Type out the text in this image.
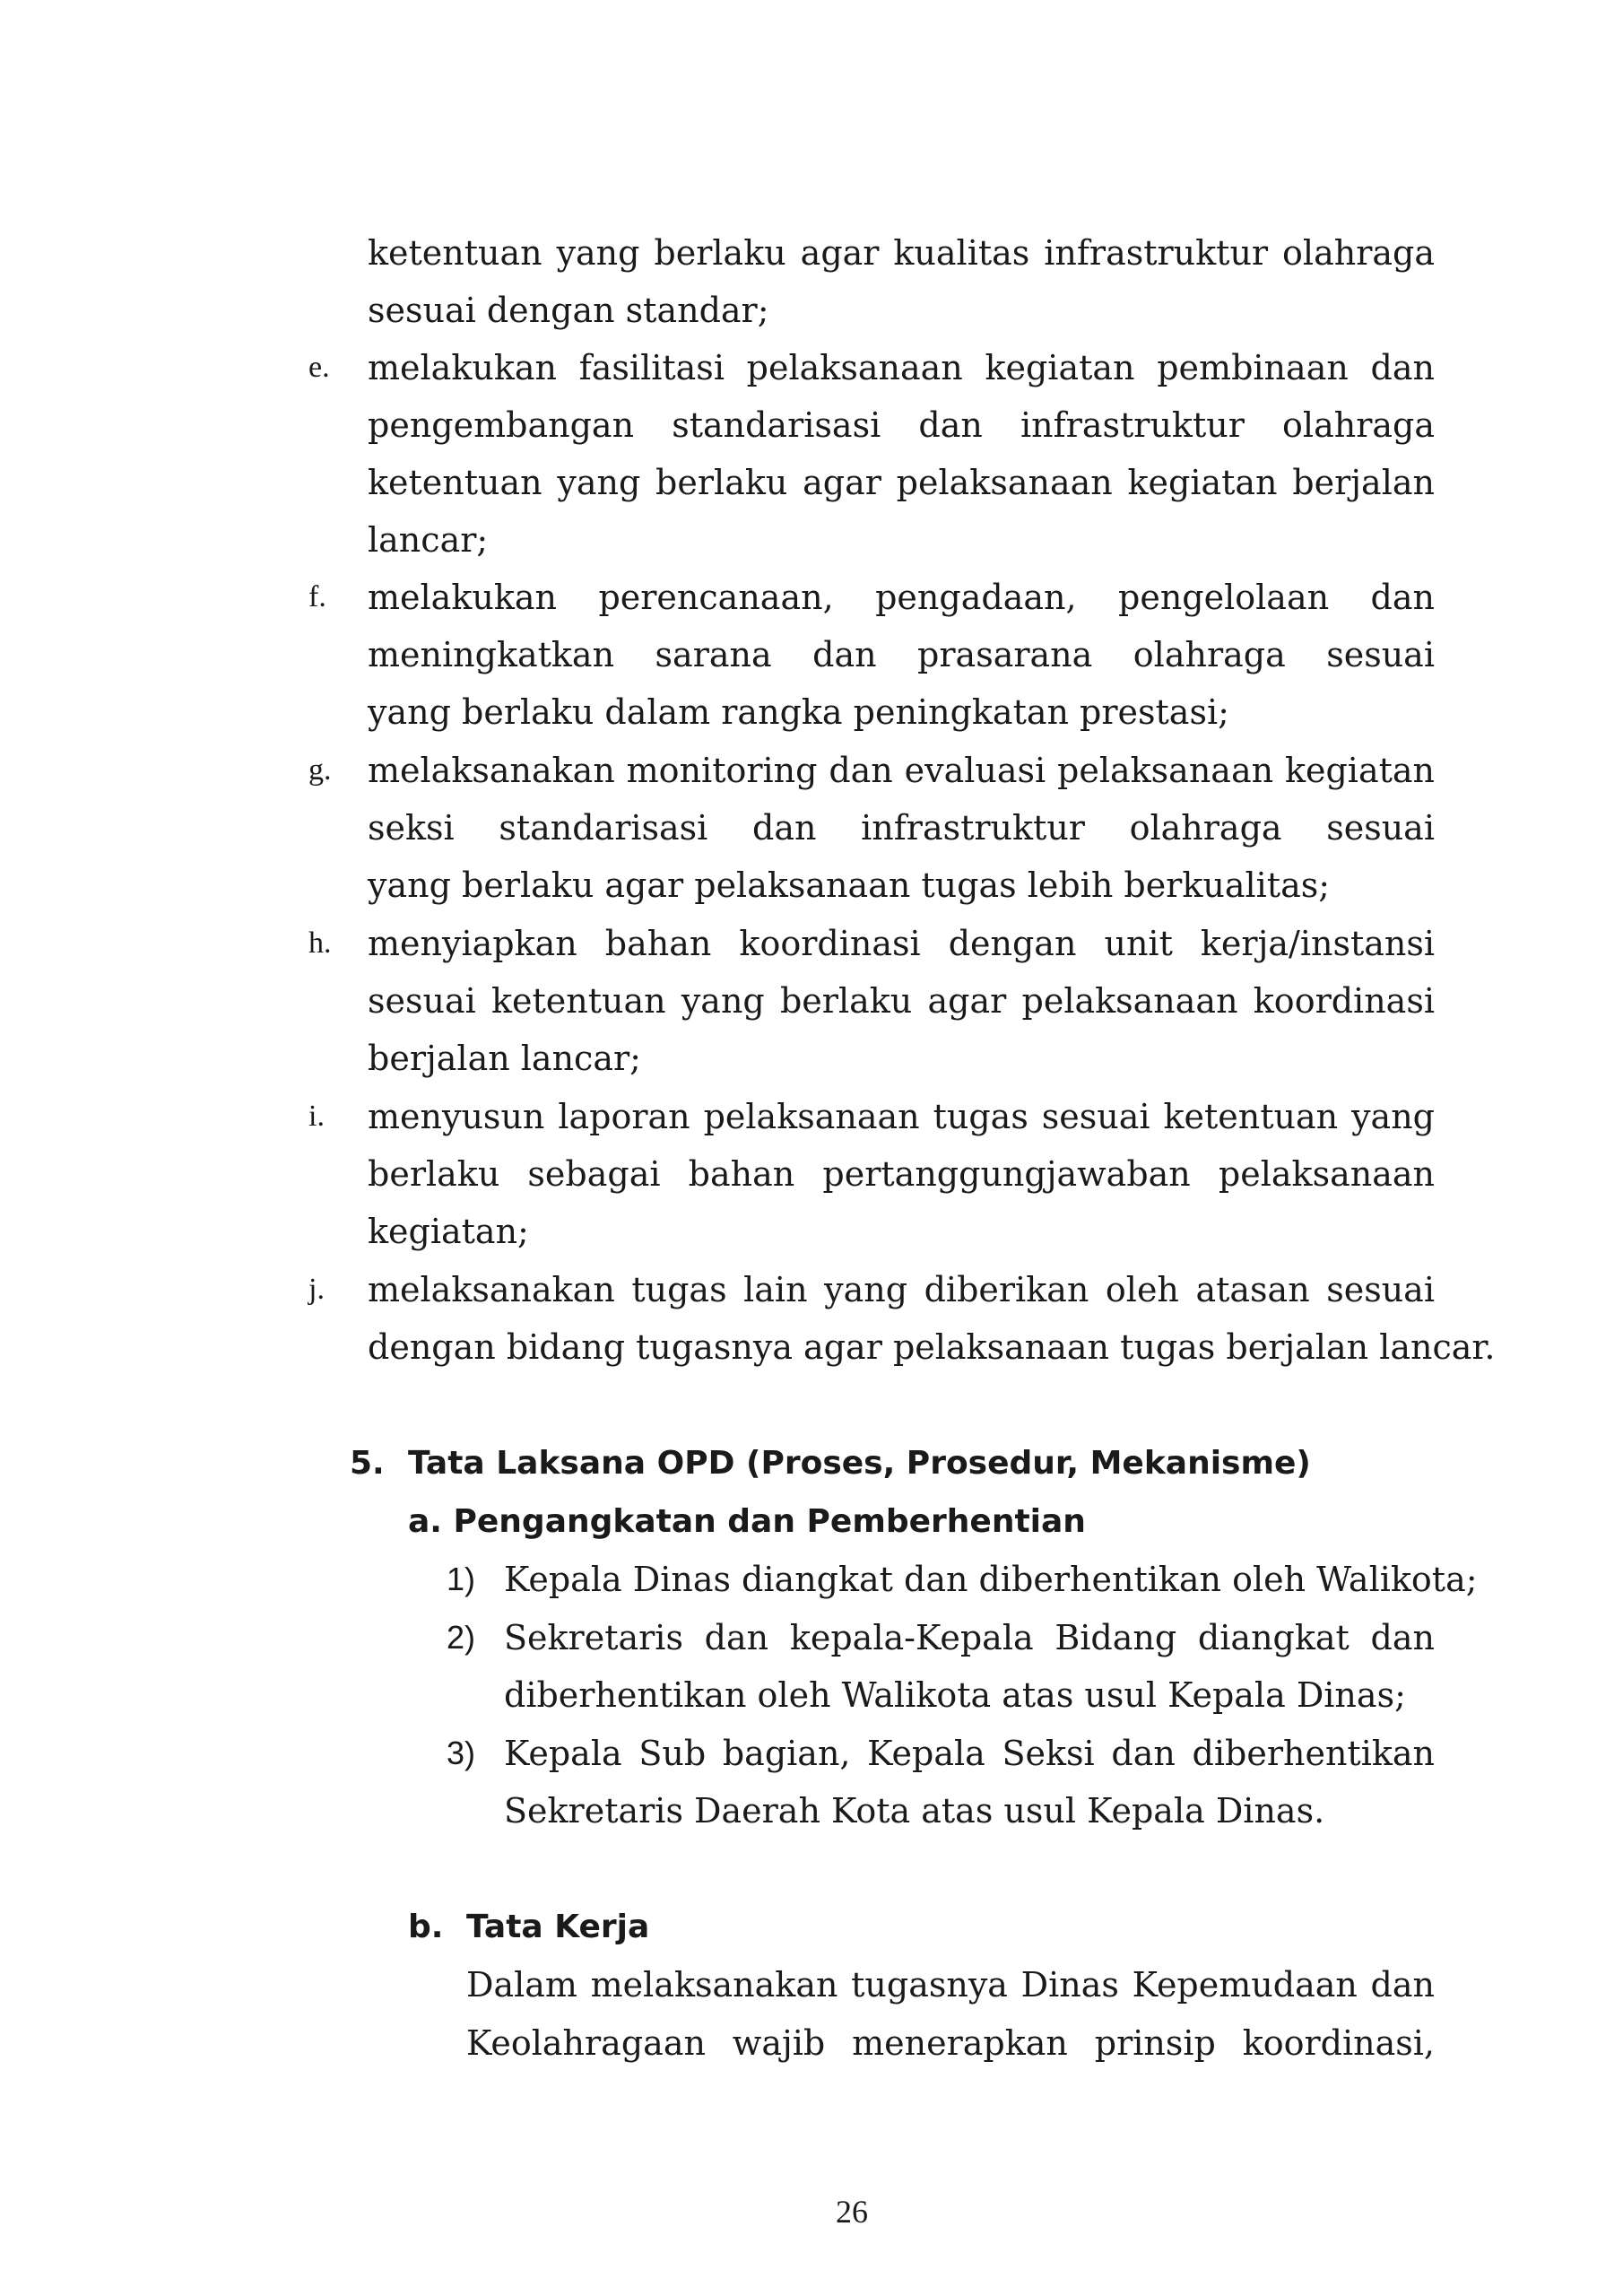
ketentuan yang berlaku agar kualitas infrastruktur olahraga
sesuai dengan standar;
e. melakukan fasilitasi pelaksanaan kegiatan pembinaan dan
pengembangan standarisasi dan infrastruktur olahraga
ketentuan yang berlaku agar pelaksanaan kegiatan berjalan
lancar;
f. melakukan perencanaan, pengadaan, pengelolaan dan
meningkatkan sarana dan prasarana olahraga sesuai
yang berlaku dalam rangka peningkatan prestasi;
g. melaksanakan monitoring dan evaluasi pelaksanaan kegiatan
seksi standarisasi dan infrastruktur olahraga sesuai
yang berlaku agar pelaksanaan tugas lebih berkualitas;
h. menyiapkan bahan koordinasi dengan unit kerja/instansi
sesuai ketentuan yang berlaku agar pelaksanaan koordinasi
berjalan lancar;
i. menyusun laporan pelaksanaan tugas sesuai ketentuan yang
berlaku sebagai bahan pertanggungjawaban pelaksanaan
kegiatan;
j. melaksanakan tugas lain yang diberikan oleh atasan sesuai
dengan bidang tugasnya agar pelaksanaan tugas berjalan lancar.
5. Tata Laksana OPD (Proses, Prosedur, Mekanisme)
a. Pengangkatan dan Pemberhentian
1) Kepala Dinas diangkat dan diberhentikan oleh Walikota;
2) Sekretaris dan kepala-Kepala Bidang diangkat dan
diberhentikan oleh Walikota atas usul Kepala Dinas;
3) Kepala Sub bagian, Kepala Seksi dan diberhentikan
Sekretaris Daerah Kota atas usul Kepala Dinas.
b. Tata Kerja
Dalam melaksanakan tugasnya Dinas Kepemudaan dan
Keolahragaan wajib menerapkan prinsip koordinasi,
26
